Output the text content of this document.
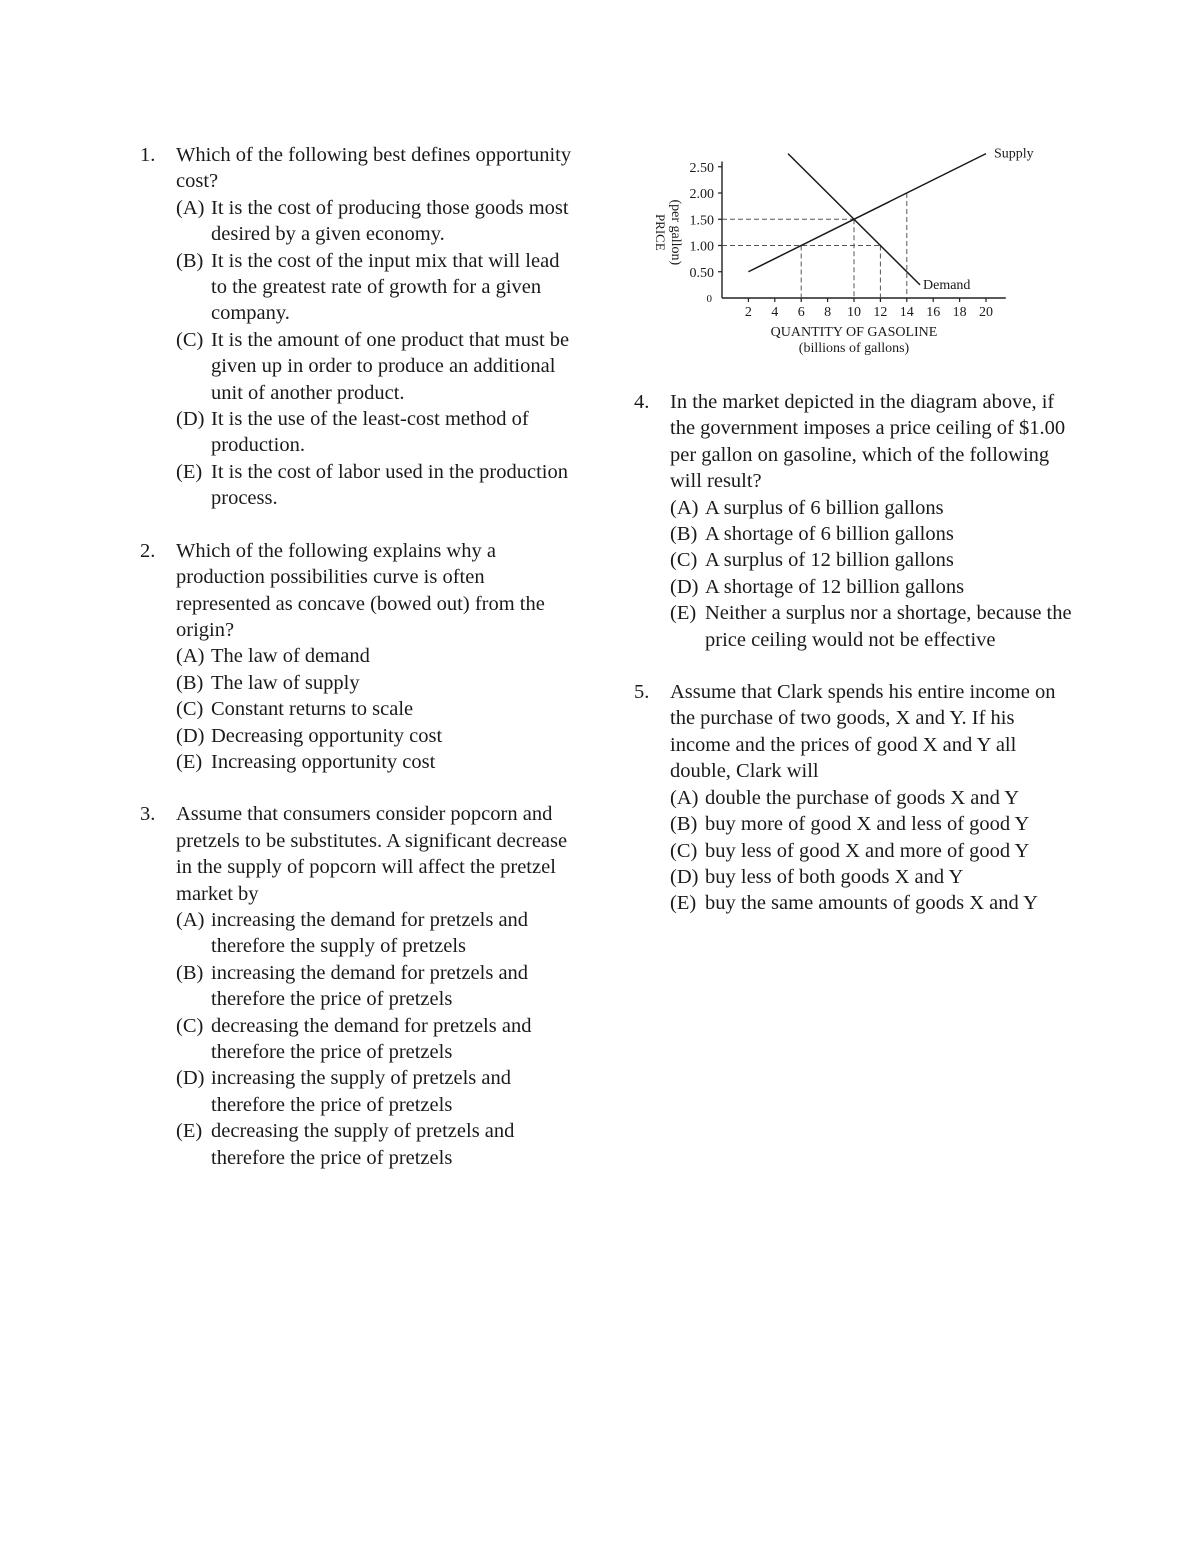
0
0.50
1.00
1.50
2.00
2.50
2 4 6 8 10 12 14 16 18 20
Supply
Demand
QUANTITY OF GASOLINE
(billions of gallons)
PRICE (per gallon)
1. Which of the following best defines opportunity cost?
(A) It is the cost of producing those goods most desired by a given economy.
(B) It is the cost of the input mix that will lead to the greatest rate of growth for a given company.
(C) It is the amount of one product that must be given up in order to produce an additional unit of another product.
(D) It is the use of the least-cost method of production.
(E) It is the cost of labor used in the production process.
2. Which of the following explains why a production possibilities curve is often represented as concave (bowed out) from the origin?
(A) The law of demand
(B) The law of supply
(C) Constant returns to scale
(D) Decreasing opportunity cost
(E) Increasing opportunity cost
3. Assume that consumers consider popcorn and pretzels to be substitutes. A significant decrease in the supply of popcorn will affect the pretzel market by
(A) increasing the demand for pretzels and therefore the supply of pretzels
(B) increasing the demand for pretzels and therefore the price of pretzels
(C) decreasing the demand for pretzels and therefore the price of pretzels
(D) increasing the supply of pretzels and therefore the price of pretzels
(E) decreasing the supply of pretzels and therefore the price of pretzels
4. In the market depicted in the diagram above, if the government imposes a price ceiling of $1.00 per gallon on gasoline, which of the following will result?
(A) A surplus of 6 billion gallons
(B) A shortage of 6 billion gallons
(C) A surplus of 12 billion gallons
(D) A shortage of 12 billion gallons
(E) Neither a surplus nor a shortage, because the price ceiling would not be effective
5. Assume that Clark spends his entire income on the purchase of two goods, X and Y. If his income and the prices of good X and Y all double, Clark will
(A) double the purchase of goods X and Y
(B) buy more of good X and less of good Y
(C) buy less of good X and more of good Y
(D) buy less of both goods X and Y
(E) buy the same amounts of goods X and Y
